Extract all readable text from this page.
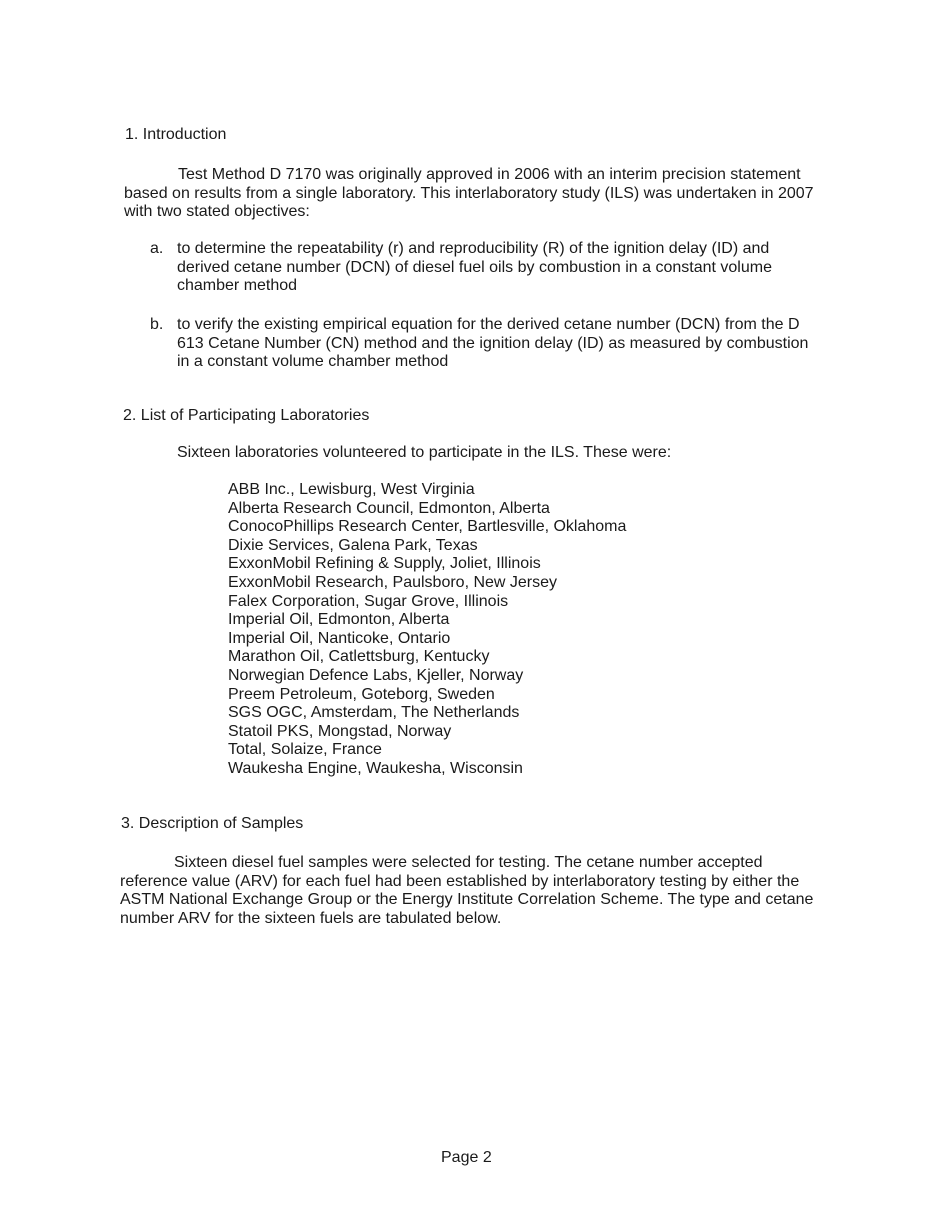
1. Introduction

Test Method D 7170 was originally approved in 2006 with an interim precision statement based on results from a single laboratory. This interlaboratory study (ILS) was undertaken in 2007 with two stated objectives:

a. to determine the repeatability (r) and reproducibility (R) of the ignition delay (ID) and derived cetane number (DCN) of diesel fuel oils by combustion in a constant volume chamber method
b. to verify the existing empirical equation for the derived cetane number (DCN) from the D 613 Cetane Number (CN) method and the ignition delay (ID) as measured by combustion in a constant volume chamber method
2. List of Participating Laboratories
Sixteen laboratories volunteered to participate in the ILS. These were:
ABB Inc., Lewisburg, West Virginia
Alberta Research Council, Edmonton, Alberta
ConocoPhillips Research Center, Bartlesville, Oklahoma
Dixie Services, Galena Park, Texas
ExxonMobil Refining & Supply, Joliet, Illinois
ExxonMobil Research, Paulsboro, New Jersey
Falex Corporation, Sugar Grove, Illinois
Imperial Oil, Edmonton, Alberta
Imperial Oil, Nanticoke, Ontario
Marathon Oil, Catlettsburg, Kentucky
Norwegian Defence Labs, Kjeller, Norway
Preem Petroleum, Goteborg, Sweden
SGS OGC, Amsterdam, The Netherlands
Statoil PKS, Mongstad, Norway
Total, Solaize, France
Waukesha Engine, Waukesha, Wisconsin
3. Description of Samples

Sixteen diesel fuel samples were selected for testing. The cetane number accepted reference value (ARV) for each fuel had been established by interlaboratory testing by either the ASTM National Exchange Group or the Energy Institute Correlation Scheme. The type and cetane number ARV for the sixteen fuels are tabulated below.

Page 2
